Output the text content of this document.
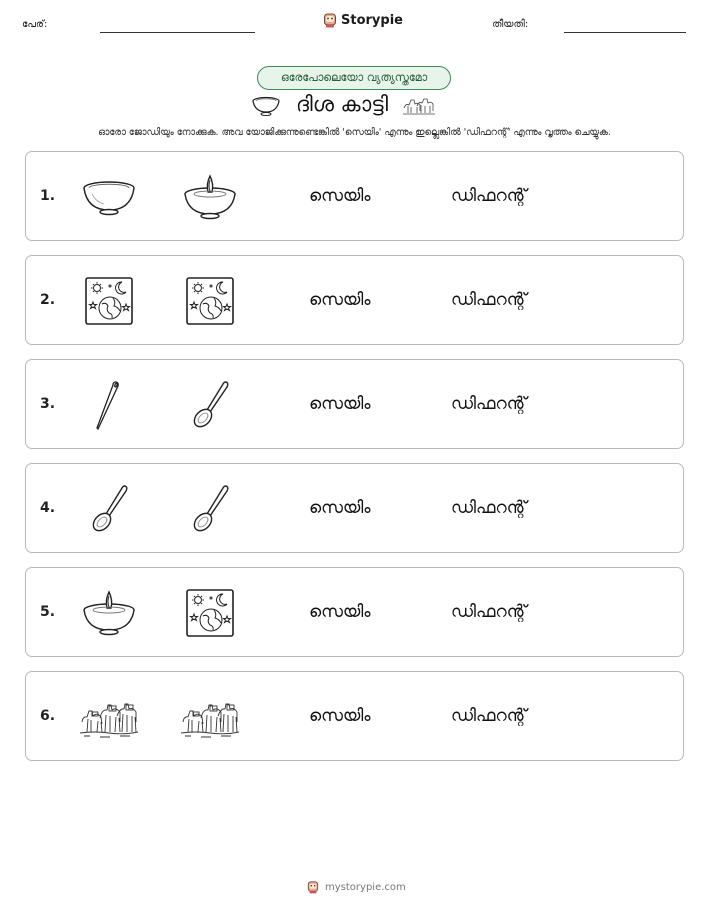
പേര്:	Storypie	തീയതി:
ഒരേപോലെയോ വ്യത്യസ്തമോ
ദിശ കാട്ടി
ഓരോ ജോഡിയും നോക്കുക. അവ യോജിക്കുന്നുണ്ടെങ്കിൽ 'സെയിം' എന്നും ഇല്ലെങ്കിൽ 'ഡിഫറന്റ്' എന്നും വൃത്തം ചെയ്യുക.
1.	സെയിം	ഡിഫറന്റ്
2.	സെയിം	ഡിഫറന്റ്
3.	സെയിം	ഡിഫറന്റ്
4.	സെയിം	ഡിഫറന്റ്
5.	സെയിം	ഡിഫറന്റ്
6.	സെയിം	ഡിഫറന്റ്
mystorypie.com
